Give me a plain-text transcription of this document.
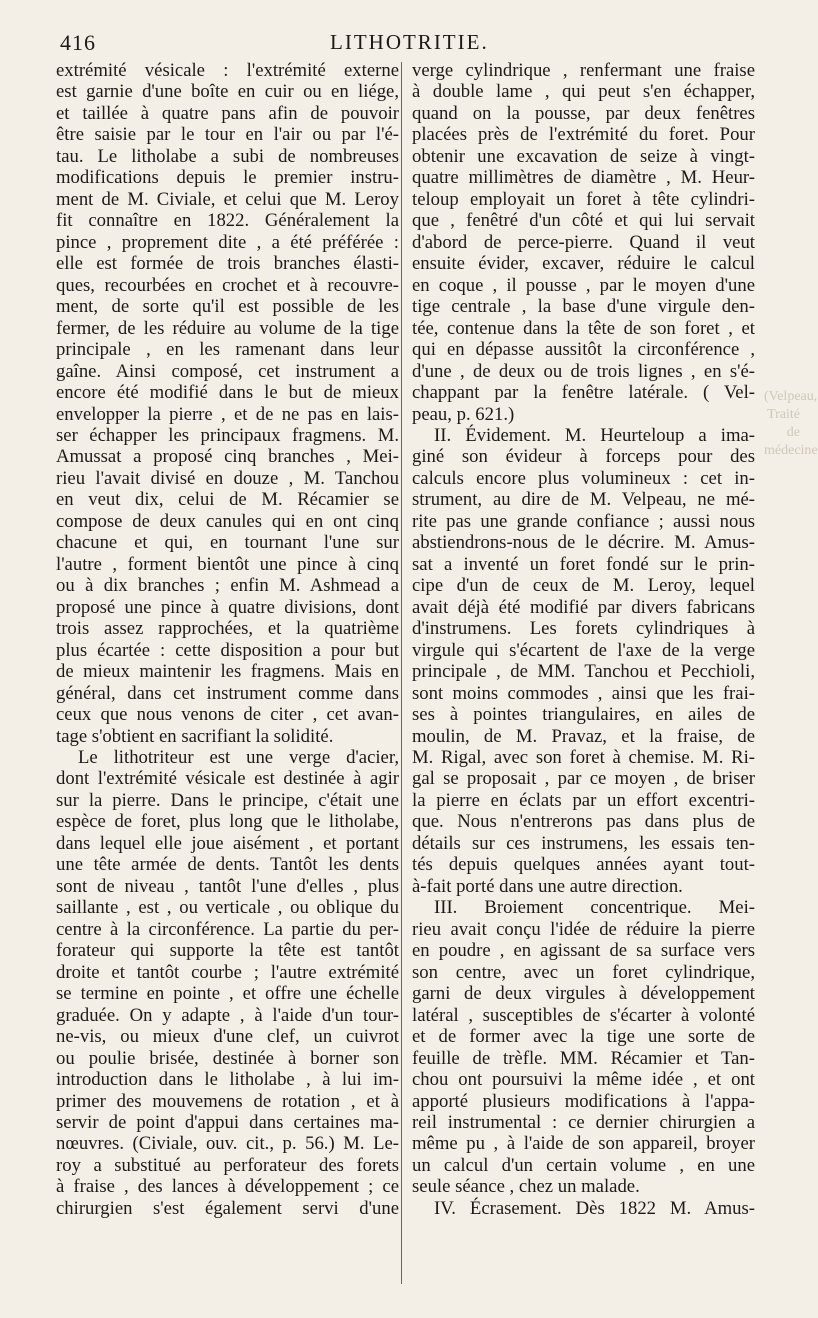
416	LITHOTRITIE.
extrémité vésicale : l'extrémité externe
est garnie d'une boîte en cuir ou en liége,
et taillée à quatre pans afin de pouvoir
être saisie par le tour en l'air ou par l'é-
tau. Le litholabe a subi de nombreuses
modifications depuis le premier instru-
ment de M. Civiale, et celui que M. Leroy
fit connaître en 1822. Généralement la
pince , proprement dite , a été préférée :
elle est formée de trois branches élasti-
ques, recourbées en crochet et à recouvre-
ment, de sorte qu'il est possible de les
fermer, de les réduire au volume de la tige
principale , en les ramenant dans leur
gaîne. Ainsi composé, cet instrument a
encore été modifié dans le but de mieux
envelopper la pierre , et de ne pas en lais-
ser échapper les principaux fragmens. M.
Amussat a proposé cinq branches , Mei-
rieu l'avait divisé en douze , M. Tanchou
en veut dix, celui de M. Récamier se
compose de deux canules qui en ont cinq
chacune et qui, en tournant l'une sur
l'autre , forment bientôt une pince à cinq
ou à dix branches ; enfin M. Ashmead a
proposé une pince à quatre divisions, dont
trois assez rapprochées, et la quatrième
plus écartée : cette disposition a pour but
de mieux maintenir les fragmens. Mais en
général, dans cet instrument comme dans
ceux que nous venons de citer , cet avan-
tage s'obtient en sacrifiant la solidité.
Le lithotriteur est une verge d'acier,
dont l'extrémité vésicale est destinée à agir
sur la pierre. Dans le principe, c'était une
espèce de foret, plus long que le litholabe,
dans lequel elle joue aisément , et portant
une tête armée de dents. Tantôt les dents
sont de niveau , tantôt l'une d'elles , plus
saillante , est , ou verticale , ou oblique du
centre à la circonférence. La partie du per-
forateur qui supporte la tête est tantôt
droite et tantôt courbe ; l'autre extrémité
se termine en pointe , et offre une échelle
graduée. On y adapte , à l'aide d'un tour-
ne-vis, ou mieux d'une clef, un cuivrot
ou poulie brisée, destinée à borner son
introduction dans le litholabe , à lui im-
primer des mouvemens de rotation , et à
servir de point d'appui dans certaines ma-
nœuvres. (Civiale, ouv. cit., p. 56.) M. Le-
roy a substitué au perforateur des forets
à fraise , des lances à développement ; ce
chirurgien s'est également servi d'une
verge cylindrique , renfermant une fraise
à double lame , qui peut s'en échapper,
quand on la pousse, par deux fenêtres
placées près de l'extrémité du foret. Pour
obtenir une excavation de seize à vingt-
quatre millimètres de diamètre , M. Heur-
teloup employait un foret à tête cylindri-
que , fenêtré d'un côté et qui lui servait
d'abord de perce-pierre. Quand il veut
ensuite évider, excaver, réduire le calcul
en coque , il pousse , par le moyen d'une
tige centrale , la base d'une virgule den-
tée, contenue dans la tête de son foret , et
qui en dépasse aussitôt la circonférence ,
d'une , de deux ou de trois lignes , en s'é-
chappant par la fenêtre latérale. ( Vel-
peau, p. 621.)
II. Évidement. M. Heurteloup a ima-
giné son évideur à forceps pour des
calculs encore plus volumineux : cet in-
strument, au dire de M. Velpeau, ne mé-
rite pas une grande confiance ; aussi nous
abstiendrons-nous de le décrire. M. Amus-
sat a inventé un foret fondé sur le prin-
cipe d'un de ceux de M. Leroy, lequel
avait déjà été modifié par divers fabricans
d'instrumens. Les forets cylindriques à
virgule qui s'écartent de l'axe de la verge
principale , de MM. Tanchou et Pecchioli,
sont moins commodes , ainsi que les frai-
ses à pointes triangulaires, en ailes de
moulin, de M. Pravaz, et la fraise, de
M. Rigal, avec son foret à chemise. M. Ri-
gal se proposait , par ce moyen , de briser
la pierre en éclats par un effort excentri-
que. Nous n'entrerons pas dans plus de
détails sur ces instrumens, les essais ten-
tés depuis quelques années ayant tout-
à-fait porté dans une autre direction.
III. Broiement concentrique. Mei-
rieu avait conçu l'idée de réduire la pierre
en poudre , en agissant de sa surface vers
son centre, avec un foret cylindrique,
garni de deux virgules à développement
latéral , susceptibles de s'écarter à volonté
et de former avec la tige une sorte de
feuille de trèfle. MM. Récamier et Tan-
chou ont poursuivi la même idée , et ont
apporté plusieurs modifications à l'appa-
reil instrumental : ce dernier chirurgien a
même pu , à l'aide de son appareil, broyer
un calcul d'un certain volume , en une
seule séance , chez un malade.
IV. Écrasement. Dès 1822 M. Amus-
(Velpeau, Traité de médecine
